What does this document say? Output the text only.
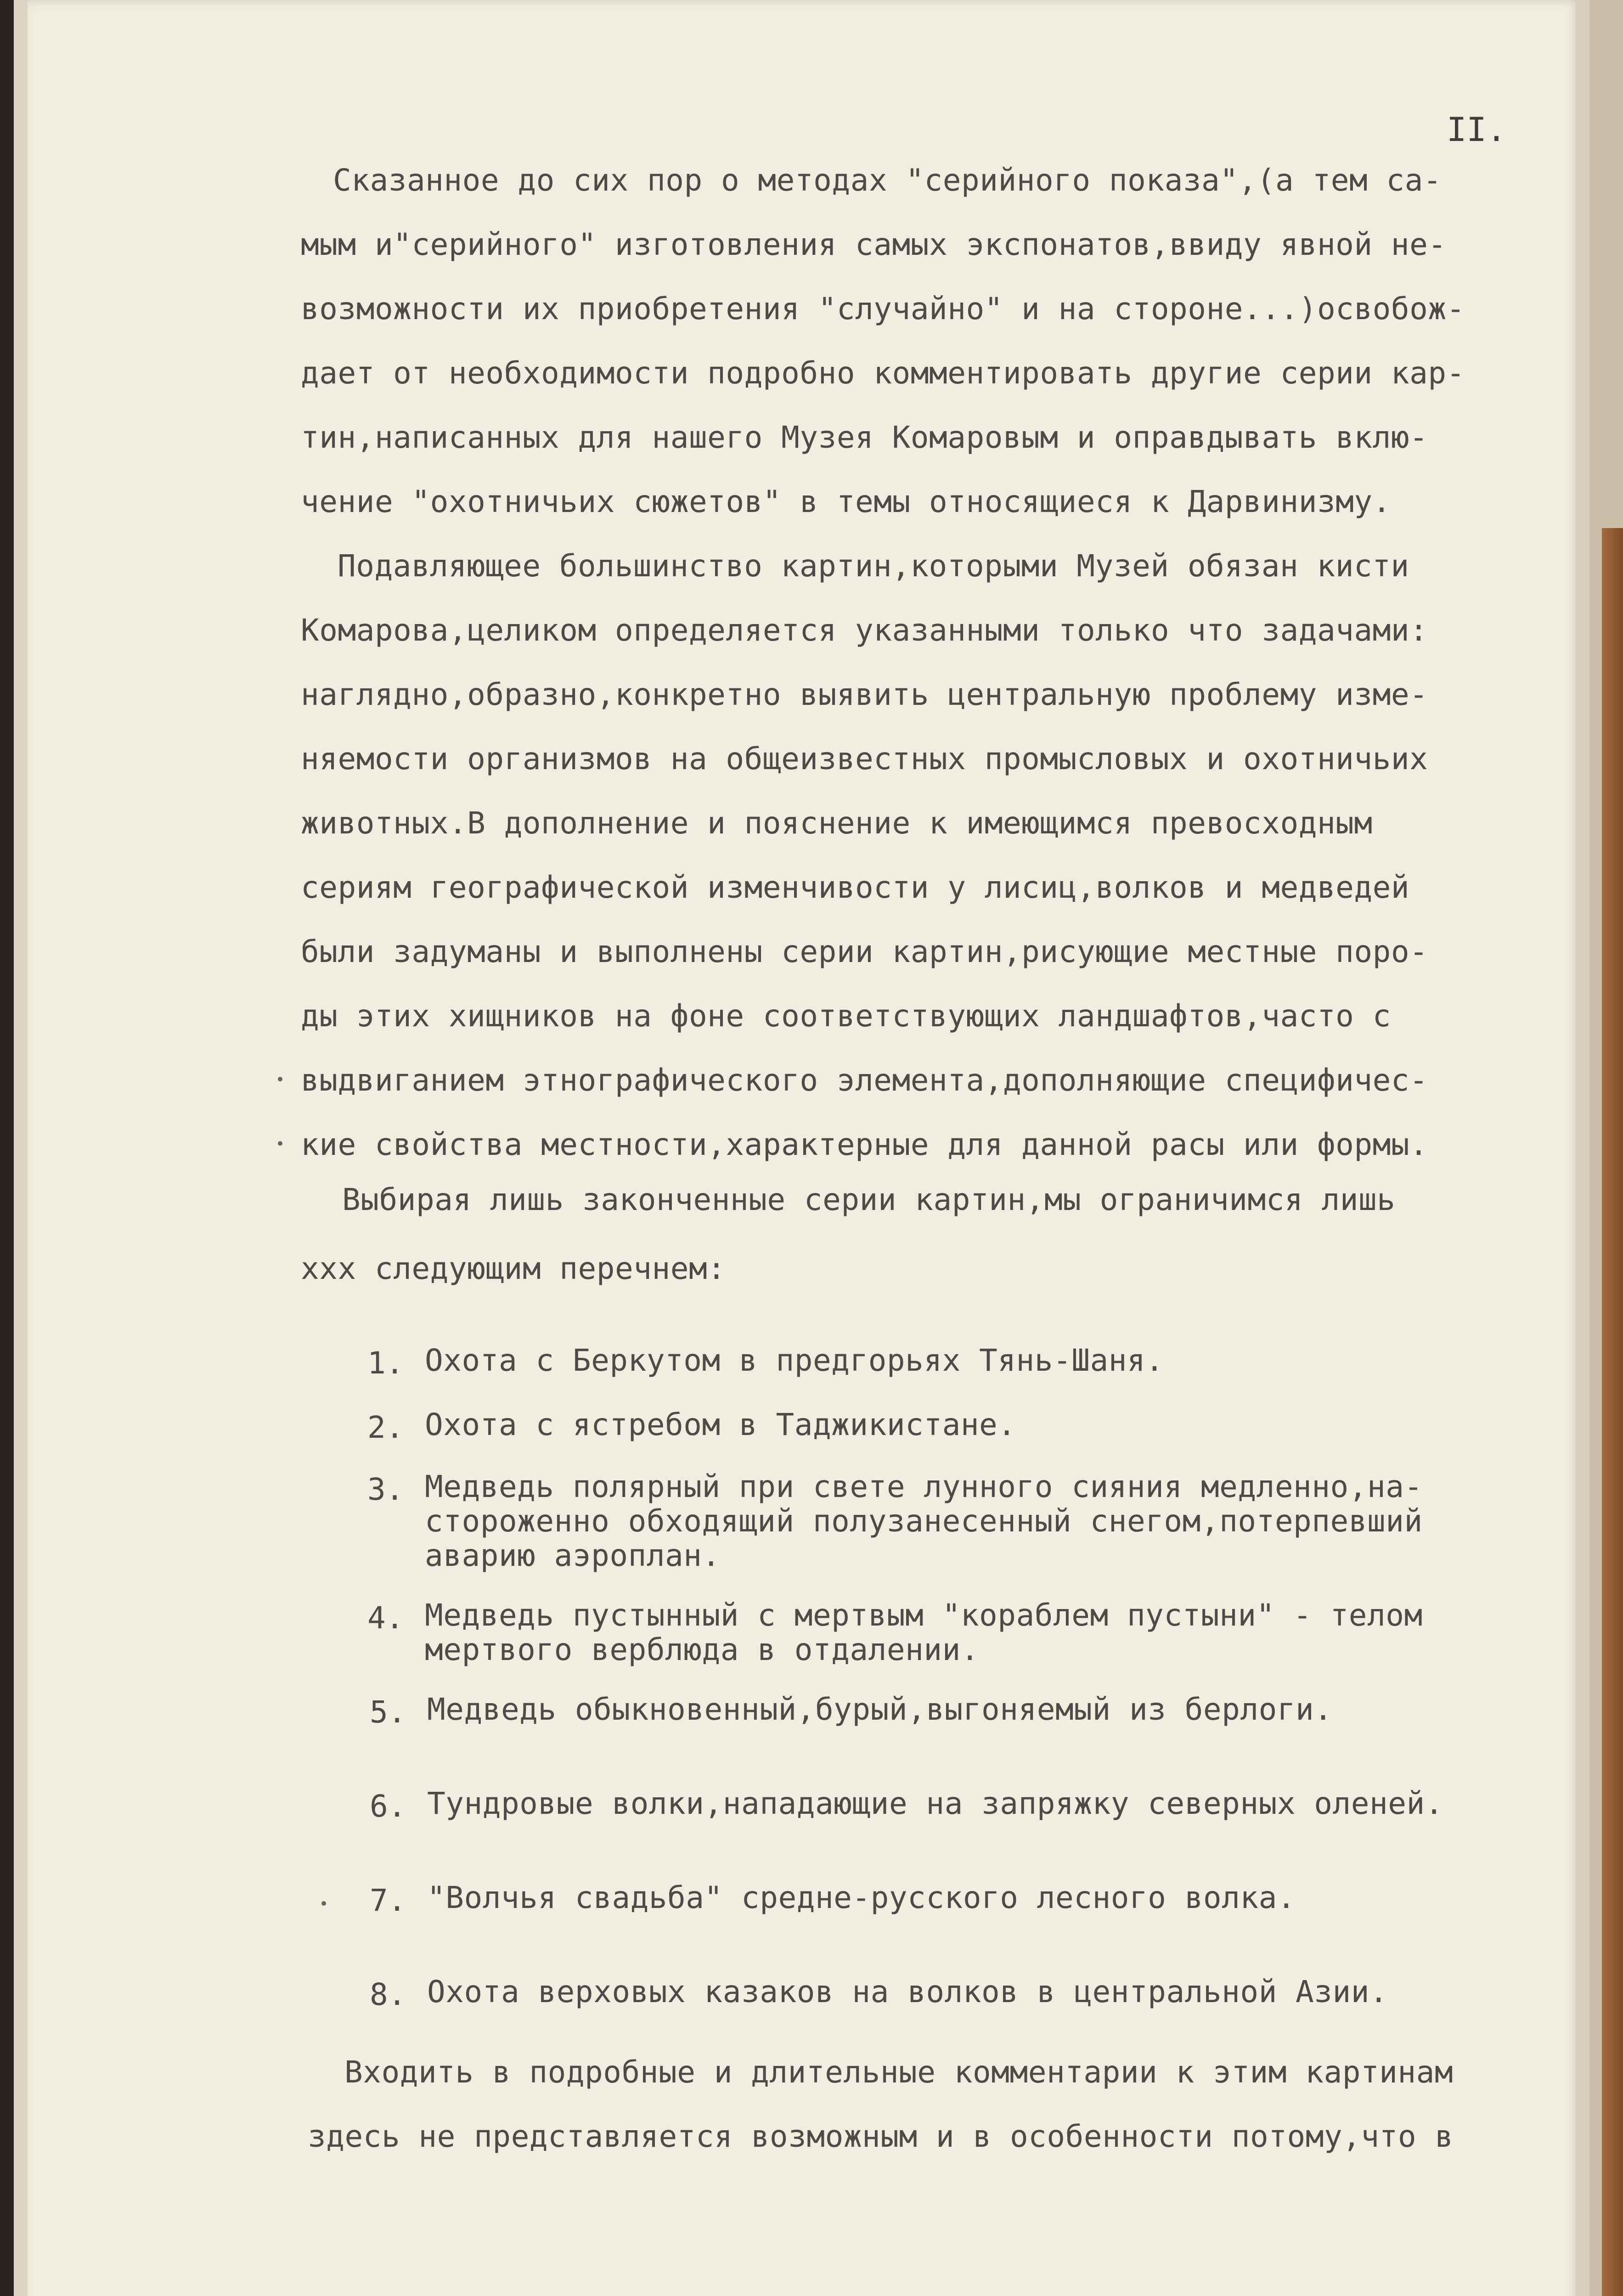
II.
Сказанное до сих пор о методах "серийного показа",(а тем са-
мым и"серийного" изготовления самых экспонатов,ввиду явной не-
возможности их приобретения "случайно" и на стороне...)освобож-
дает от необходимости подробно комментировать другие серии кар-
тин,написанных для нашего Музея Комаровым и оправдывать вклю-
чение "охотничьих сюжетов" в темы относящиеся к Дарвинизму.
Подавляющее большинство картин,которыми Музей обязан кисти
Комарова,целиком определяется указанными только что задачами:
наглядно,образно,конкретно выявить центральную проблему изме-
няемости организмов на общеизвестных промысловых и охотничьих
животных.В дополнение и пояснение к имеющимся превосходным
сериям географической изменчивости у лисиц,волков и медведей
были задуманы и выполнены серии картин,рисующие местные поро-
ды этих хищников на фоне соответствующих ландшафтов,часто с
выдвиганием этнографического элемента,дополняющие специфичес-
кие свойства местности,характерные для данной расы или формы.
Выбирая лишь законченные серии картин,мы ограничимся лишь
ххх следующим перечнем:
1. Охота с Беркутом в предгорьях Тянь-Шаня.
2. Охота с ястребом в Таджикистане.
3. Медведь полярный при свете лунного сияния медленно,на-
стороженно обходящий полузанесенный снегом,потерпевший
аварию аэроплан.
4. Медведь пустынный с мертвым "кораблем пустыни" - телом
мертвого верблюда в отдалении.
5. Медведь обыкновенный,бурый,выгоняемый из берлоги.
6. Тундровые волки,нападающие на запряжку северных оленей.
7. "Волчья свадьба" средне-русского лесного волка.
8. Охота верховых казаков на волков в центральной Азии.
Входить в подробные и длительные комментарии к этим картинам
здесь не представляется возможным и в особенности потому,что в
